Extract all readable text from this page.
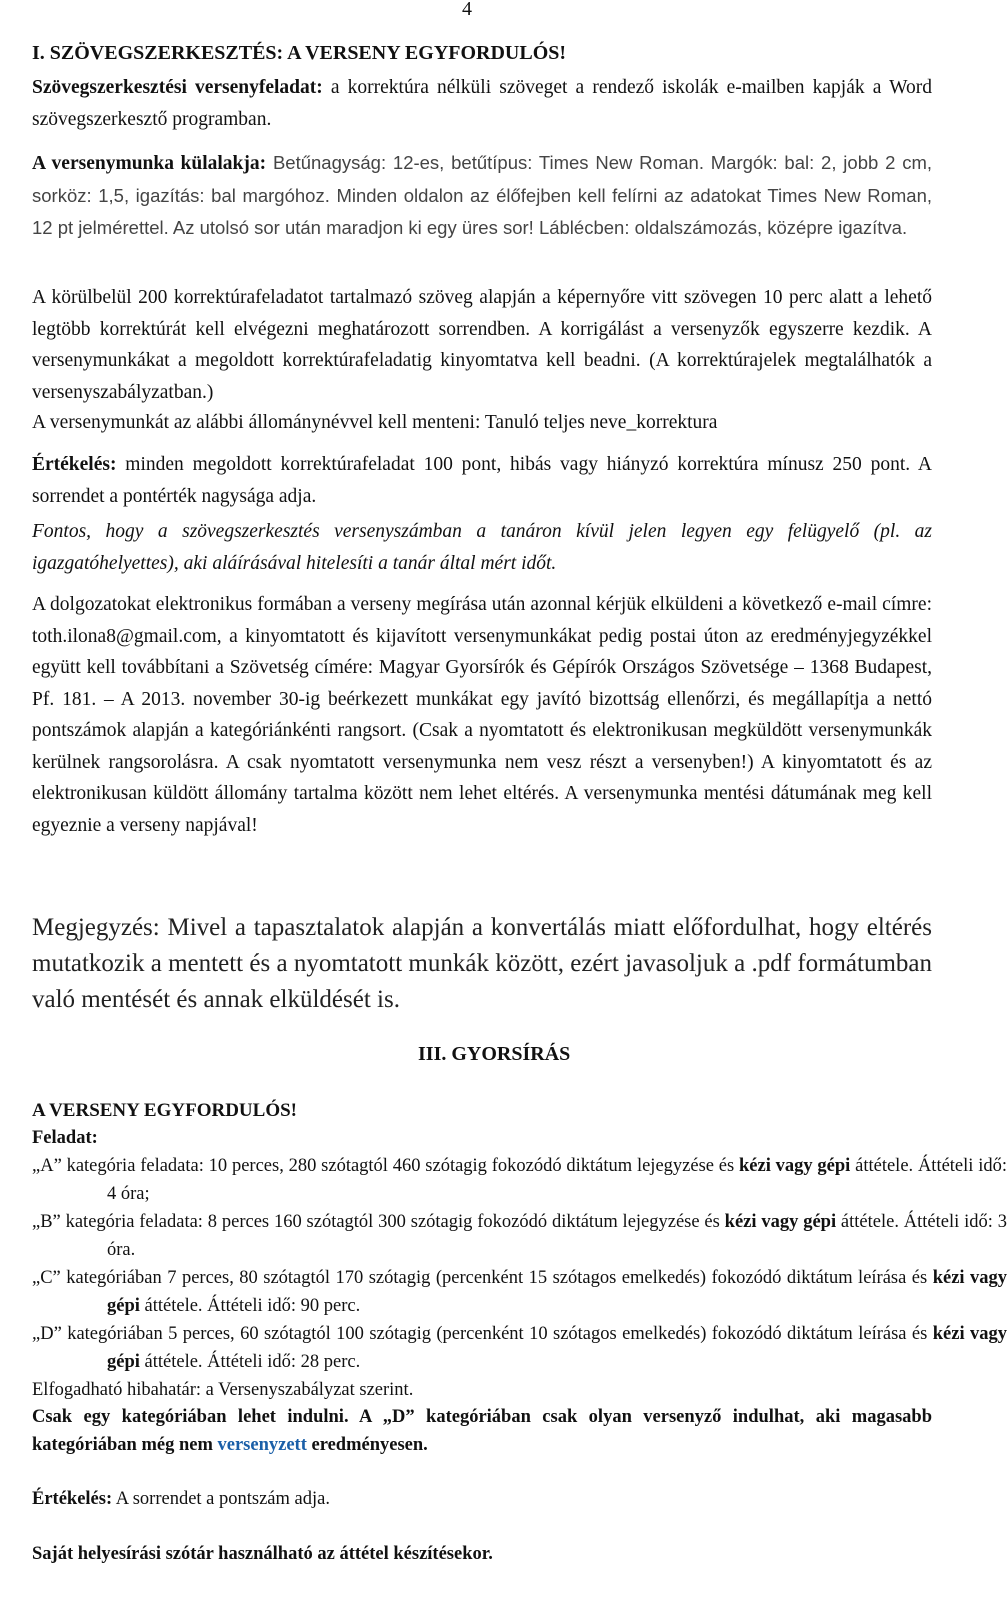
4
I. SZÖVEGSZERKESZTÉS: A VERSENY EGYFORDULÓS!
Szövegszerkesztési versenyfeladat: a korrektúra nélküli szöveget a rendező iskolák e-mailben kapják a Word szövegszerkesztő programban.
A versenymunka külalakja: Betűnagyság: 12-es, betűtípus: Times New Roman. Margók: bal: 2, jobb 2 cm, sorköz: 1,5, igazítás: bal margóhoz. Minden oldalon az élőfejben kell felírni az adatokat Times New Roman, 12 pt jelmérettel. Az utolsó sor után maradjon ki egy üres sor! Láblécben: oldalszámozás, középre igazítva.
A körülbelül 200 korrektúrafeladatot tartalmazó szöveg alapján a képernyőre vitt szövegen 10 perc alatt a lehető legtöbb korrektúrát kell elvégezni meghatározott sorrendben. A korrigálást a versenyzők egyszerre kezdik. A versenymunkákat a megoldott korrektúrafeladatig kinyomtatva kell beadni. (A korrektúrajelek megtalálhatók a versenyszabályzatban.)
A versenymunkát az alábbi állománynévvel kell menteni: Tanuló teljes neve_korrektura
Értékelés: minden megoldott korrektúrafeladat 100 pont, hibás vagy hiányzó korrektúra mínusz 250 pont. A sorrendet a pontérték nagysága adja.
Fontos, hogy a szövegszerkesztés versenyszámban a tanáron kívül jelen legyen egy felügyelő (pl. az igazgatóhelyettes), aki aláírásával hitelesíti a tanár által mért időt.
A dolgozatokat elektronikus formában a verseny megírása után azonnal kérjük elküldeni a következő e-mail címre: toth.ilona8@gmail.com, a kinyomtatott és kijavított versenymunkákat pedig postai úton az eredményjegyzékkel együtt kell továbbítani a Szövetség címére: Magyar Gyorsírók és Gépírók Országos Szövetsége – 1368 Budapest, Pf. 181. – A 2013. november 30-ig beérkezett munkákat egy javító bizottság ellenőrzi, és megállapítja a nettó pontszámok alapján a kategóriánkénti rangsort. (Csak a nyomtatott és elektronikusan megküldött versenymunkák kerülnek rangsorolásra. A csak nyomtatott versenymunka nem vesz részt a versenyben!) A kinyomtatott és az elektronikusan küldött állomány tartalma között nem lehet eltérés. A versenymunka mentési dátumának meg kell egyeznie a verseny napjával!
Megjegyzés: Mivel a tapasztalatok alapján a konvertálás miatt előfordulhat, hogy eltérés mutatkozik a mentett és a nyomtatott munkák között, ezért javasoljuk a .pdf formátumban való mentését és annak elküldését is.
III. GYORSÍRÁS
A VERSENY EGYFORDULÓS!
Feladat:
„A” kategória feladata: 10 perces, 280 szótagtól 460 szótagig fokozódó diktátum lejegyzése és kézi vagy gépi áttétele. Áttételi idő: 4 óra;
„B” kategória feladata: 8 perces 160 szótagtól 300 szótagig fokozódó diktátum lejegyzése és kézi vagy gépi áttétele. Áttételi idő: 3 óra.
„C” kategóriában 7 perces, 80 szótagtól 170 szótagig (percenként 15 szótagos emelkedés) fokozódó diktátum leírása és kézi vagy gépi áttétele. Áttételi idő: 90 perc.
„D” kategóriában 5 perces, 60 szótagtól 100 szótagig (percenként 10 szótagos emelkedés) fokozódó diktátum leírása és kézi vagy gépi áttétele. Áttételi idő: 28 perc.
Elfogadható hibahatár: a Versenyszabályzat szerint.
Csak egy kategóriában lehet indulni. A „D” kategóriában csak olyan versenyző indulhat, aki magasabb kategóriában még nem versenyzett eredményesen.
Értékelés: A sorrendet a pontszám adja.
Saját helyesírási szótár használható az áttétel készítésekor.
